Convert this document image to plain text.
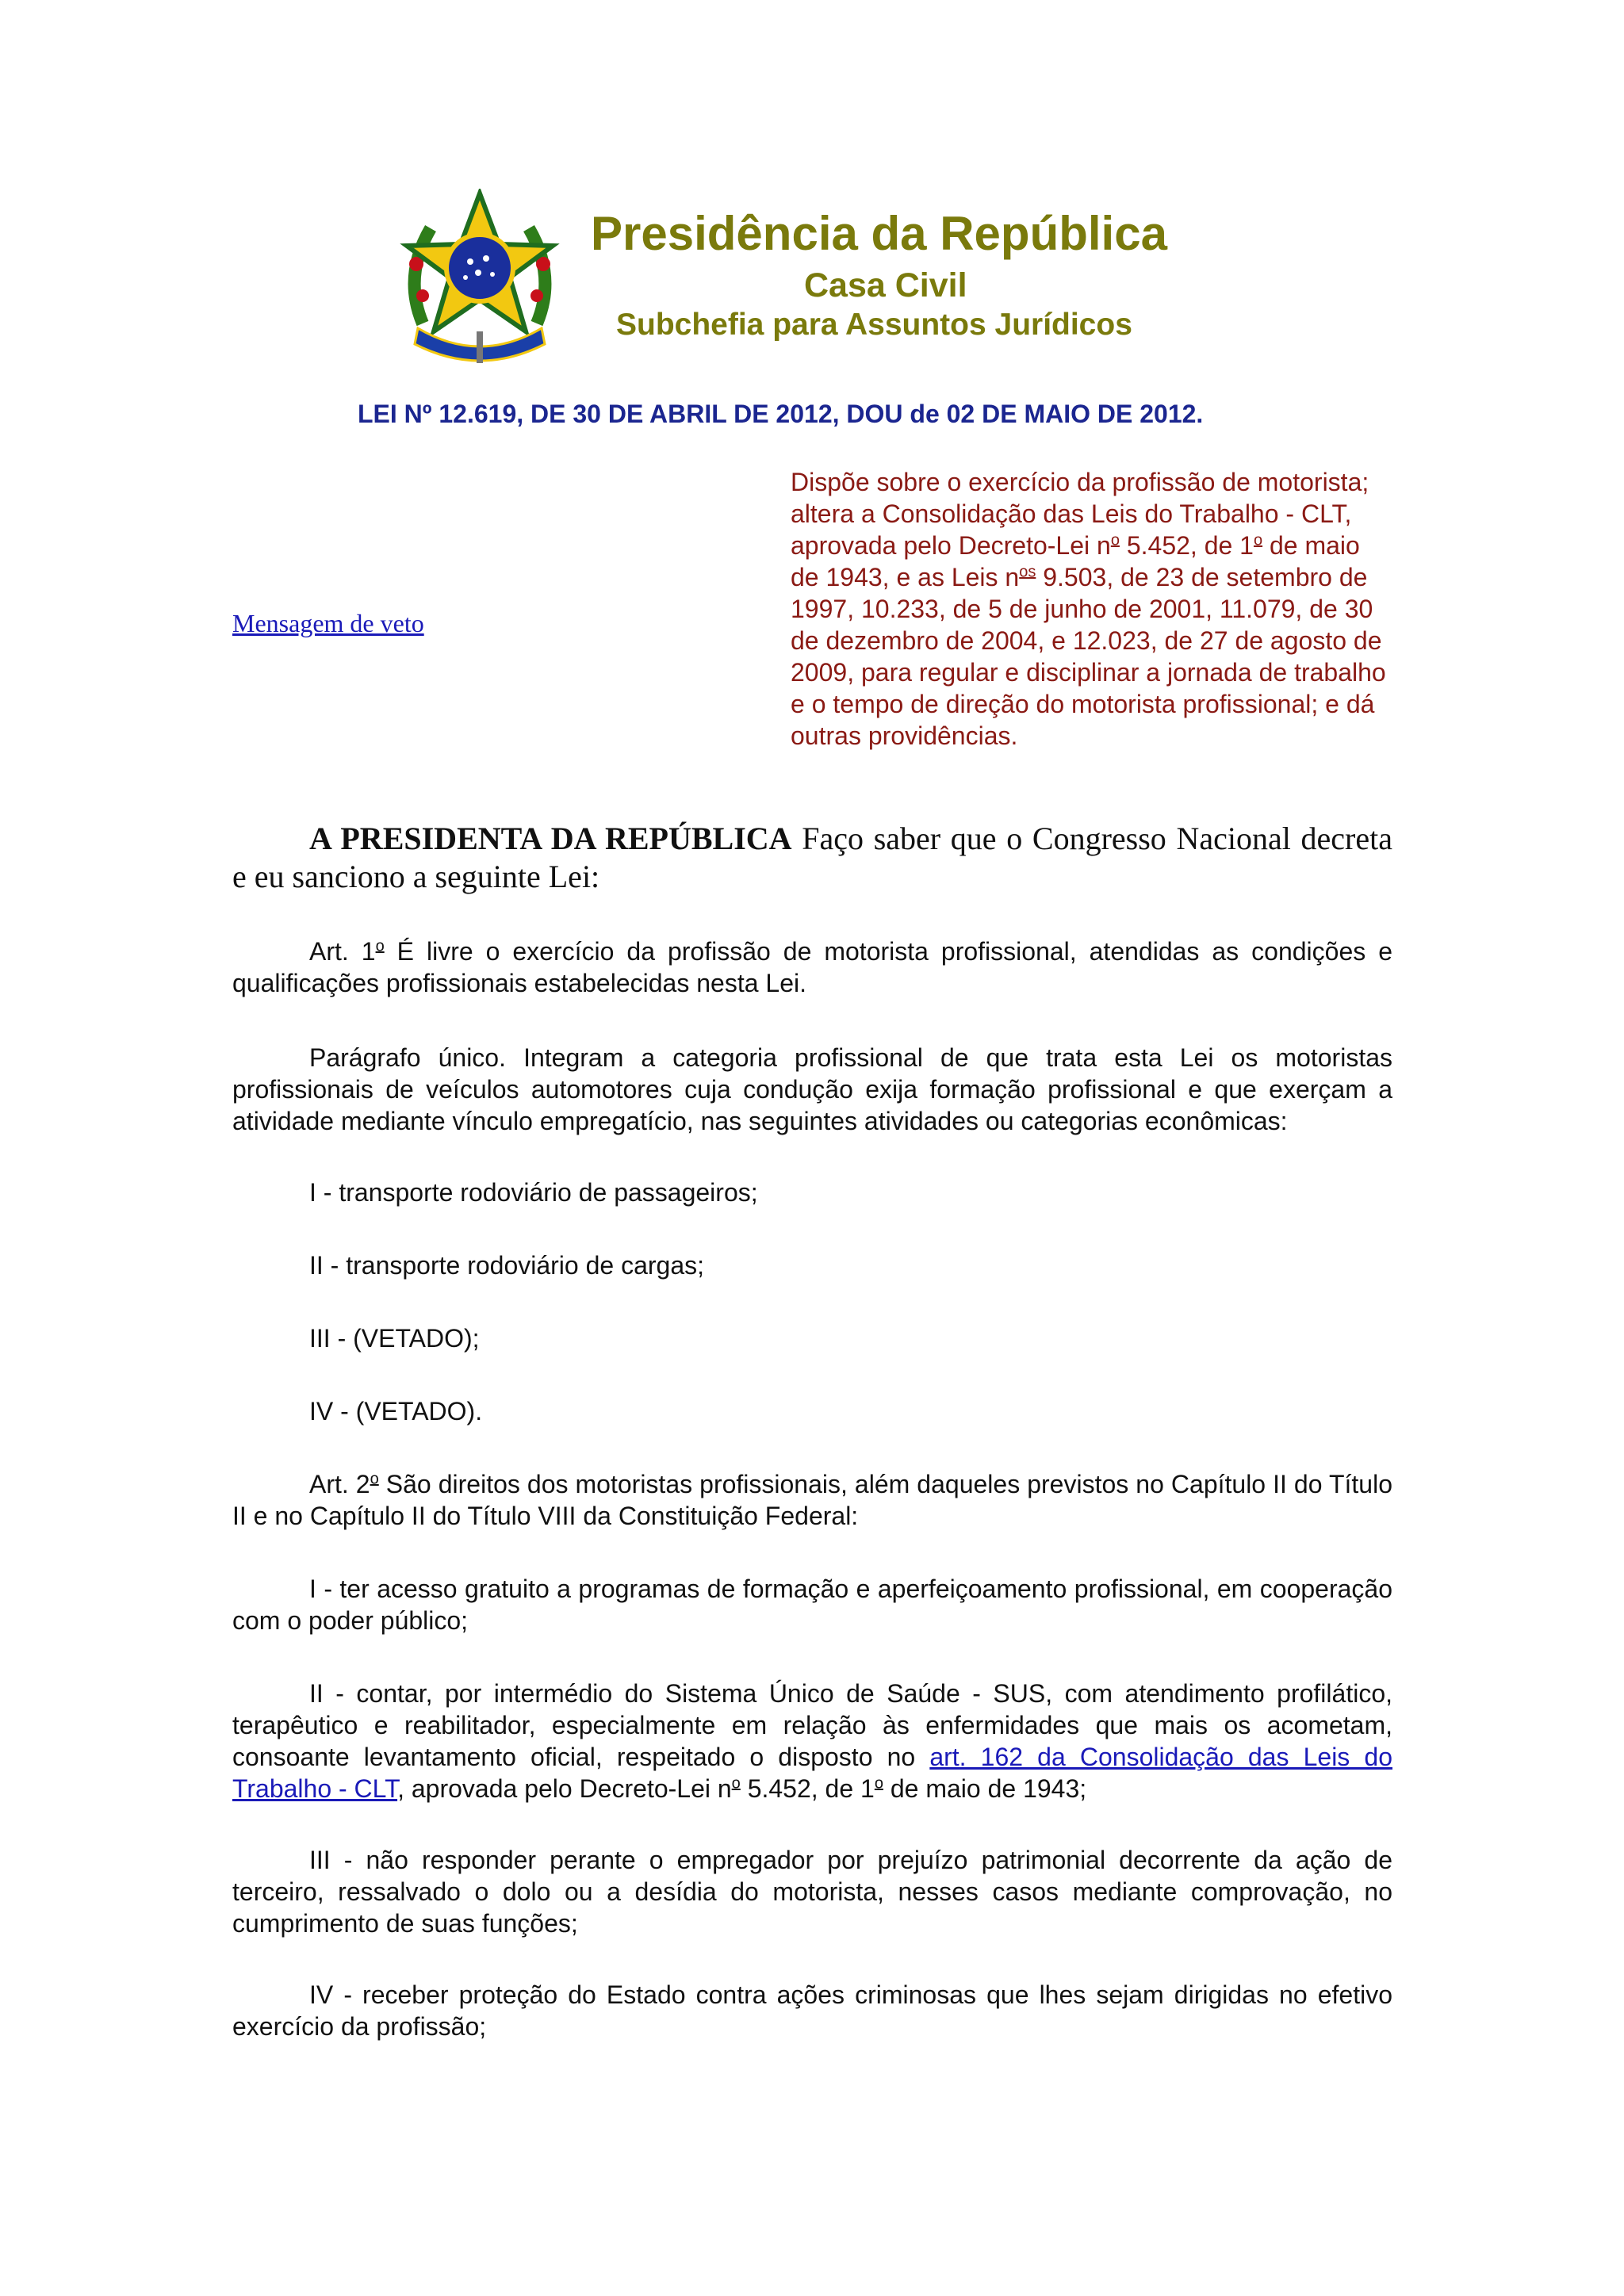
Presidência da República
Casa Civil
Subchefia para Assuntos Jurídicos
LEI Nº 12.619, DE 30 DE ABRIL DE 2012, DOU de 02 DE MAIO DE 2012.
Mensagem de veto

Dispõe sobre o exercício da profissão de motorista; altera a Consolidação das Leis do Trabalho - CLT, aprovada pelo Decreto-Lei $n^o$ 5.452, de 1$^o$ de maio de 1943, e as Leis $n^{os}$ 9.503, de 23 de setembro de 1997, 10.233, de 5 de junho de 2001, 11.079, de 30 de dezembro de 2004, e 12.023, de 27 de agosto de 2009, para regular e disciplinar a jornada de trabalho e o tempo de direção do motorista profissional; e dá outras providências.

A PRESIDENTA DA REPÚBLICA Faço saber que o Congresso Nacional decreta e eu sanciono a seguinte Lei:

Art. 1$^o$ É livre o exercício da profissão de motorista profissional, atendidas as condições e qualificações profissionais estabelecidas nesta Lei.

Parágrafo único. Integram a categoria profissional de que trata esta Lei os motoristas profissionais de veículos automotores cuja condução exija formação profissional e que exerçam a atividade mediante vínculo empregatício, nas seguintes atividades ou categorias econômicas:

I - transporte rodoviário de passageiros;

II - transporte rodoviário de cargas;

III - (VETADO);

IV - (VETADO).

Art. 2$^o$ São direitos dos motoristas profissionais, além daqueles previstos no Capítulo II do Título II e no Capítulo II do Título VIII da Constituição Federal:

I - ter acesso gratuito a programas de formação e aperfeiçoamento profissional, em cooperação com o poder público;

II - contar, por intermédio do Sistema Único de Saúde - SUS, com atendimento profilático, terapêutico e reabilitador, especialmente em relação às enfermidades que mais os acometam, consoante levantamento oficial, respeitado o disposto no art. 162 da Consolidação das Leis do Trabalho - CLT, aprovada pelo Decreto-Lei $n^o$ 5.452, de 1$^o$ de maio de 1943;

III - não responder perante o empregador por prejuízo patrimonial decorrente da ação de terceiro, ressalvado o dolo ou a desídia do motorista, nesses casos mediante comprovação, no cumprimento de suas funções;

IV - receber proteção do Estado contra ações criminosas que lhes sejam dirigidas no efetivo exercício da profissão;
